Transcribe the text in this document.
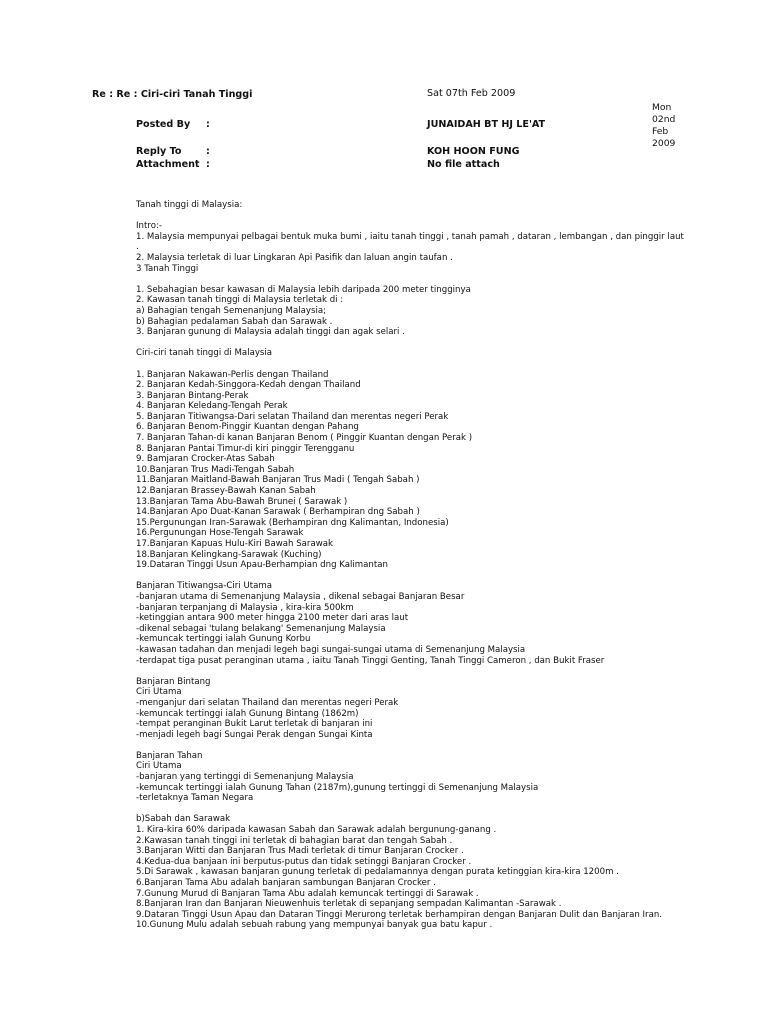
Re : Re : Ciri-ciri Tanah Tinggi	Sat 07th Feb 2009
Mon
02nd
Feb
2009
Posted By :	JUNAIDAH BT HJ LE'AT
Reply To	:	KOH HOON FUNG
Attachment :	No file attach
Tanah tinggi di Malaysia:
Intro:-
1. Malaysia mempunyai pelbagai bentuk muka bumi , iaitu tanah tinggi , tanah pamah , dataran , lembangan , dan pinggir laut
.
2. Malaysia terletak di luar Lingkaran Api Pasifik dan laluan angin taufan .
3 Tanah Tinggi
1. Sebahagian besar kawasan di Malaysia lebih daripada 200 meter tingginya
2. Kawasan tanah tinggi di Malaysia terletak di :
a) Bahagian tengah Semenanjung Malaysia;
b) Bahagian pedalaman Sabah dan Sarawak .
3. Banjaran gunung di Malaysia adalah tinggi dan agak selari .
Ciri-ciri tanah tinggi di Malaysia
1. Banjaran Nakawan-Perlis dengan Thailand
2. Banjaran Kedah-Singgora-Kedah dengan Thailand
3. Banjaran Bintang-Perak
4. Banjaran Keledang-Tengah Perak
5. Banjaran Titiwangsa-Dari selatan Thailand dan merentas negeri Perak
6. Banjaran Benom-Pinggir Kuantan dengan Pahang
7. Banjaran Tahan-di kanan Banjaran Benom ( Pinggir Kuantan dengan Perak )
8. Banjaran Pantai Timur-di kiri pinggir Terengganu
9. Bamjaran Crocker-Atas Sabah
10.Banjaran Trus Madi-Tengah Sabah
11.Banjaran Maitland-Bawah Banjaran Trus Madi ( Tengah Sabah )
12.Banjaran Brassey-Bawah Kanan Sabah
13.Banjaran Tama Abu-Bawah Brunei ( Sarawak )
14.Banjaran Apo Duat-Kanan Sarawak ( Berhampiran dng Sabah )
15.Pergunungan Iran-Sarawak (Berhampiran dng Kalimantan, Indonesia)
16.Pergunungan Hose-Tengah Sarawak
17.Banjaran Kapuas Hulu-Kiri Bawah Sarawak
18.Banjaran Kelingkang-Sarawak (Kuching)
19.Dataran Tinggi Usun Apau-Berhampian dng Kalimantan
Banjaran Titiwangsa-Ciri Utama
-banjaran utama di Semenanjung Malaysia , dikenal sebagai Banjaran Besar
-banjaran terpanjang di Malaysia , kira-kira 500km
-ketinggian antara 900 meter hingga 2100 meter dari aras laut
-dikenal sebagai 'tulang belakang' Semenanjung Malaysia
-kemuncak tertinggi ialah Gunung Korbu
-kawasan tadahan dan menjadi legeh bagi sungai-sungai utama di Semenanjung Malaysia
-terdapat tiga pusat peranginan utama , iaitu Tanah Tinggi Genting, Tanah Tinggi Cameron , dan Bukit Fraser
Banjaran Bintang
Ciri Utama
-menganjur dari selatan Thailand dan merentas negeri Perak
-kemuncak tertinggi ialah Gunung Bintang (1862m)
-tempat peranginan Bukit Larut terletak di banjaran ini
-menjadi legeh bagi Sungai Perak dengan Sungai Kinta
Banjaran Tahan
Ciri Utama
-banjaran yang tertinggi di Semenanjung Malaysia
-kemuncak tertinggi ialah Gunung Tahan (2187m),gunung tertinggi di Semenanjung Malaysia
-terletaknya Taman Negara
b)Sabah dan Sarawak
1. Kira-kira 60% daripada kawasan Sabah dan Sarawak adalah bergunung-ganang .
2.Kawasan tanah tinggi ini terletak di bahagian barat dan tengah Sabah .
3.Banjaran Witti dan Banjaran Trus Madi terletak di timur Banjaran Crocker .
4.Kedua-dua banjaan ini berputus-putus dan tidak setinggi Banjaran Crocker .
5.Di Sarawak , kawasan banjaran gunung terletak di pedalamannya dengan purata ketinggian kira-kira 1200m .
6.Banjaran Tama Abu adalah banjaran sambungan Banjaran Crocker .
7.Gunung Murud di Banjaran Tama Abu adalah kemuncak tertinggi di Sarawak .
8.Banjaran Iran dan Banjaran Nieuwenhuis terletak di sepanjang sempadan Kalimantan -Sarawak .
9.Dataran Tinggi Usun Apau dan Dataran Tinggi Merurong terletak berhampiran dengan Banjaran Dulit dan Banjaran Iran.
10.Gunung Mulu adalah sebuah rabung yang mempunyai banyak gua batu kapur .
